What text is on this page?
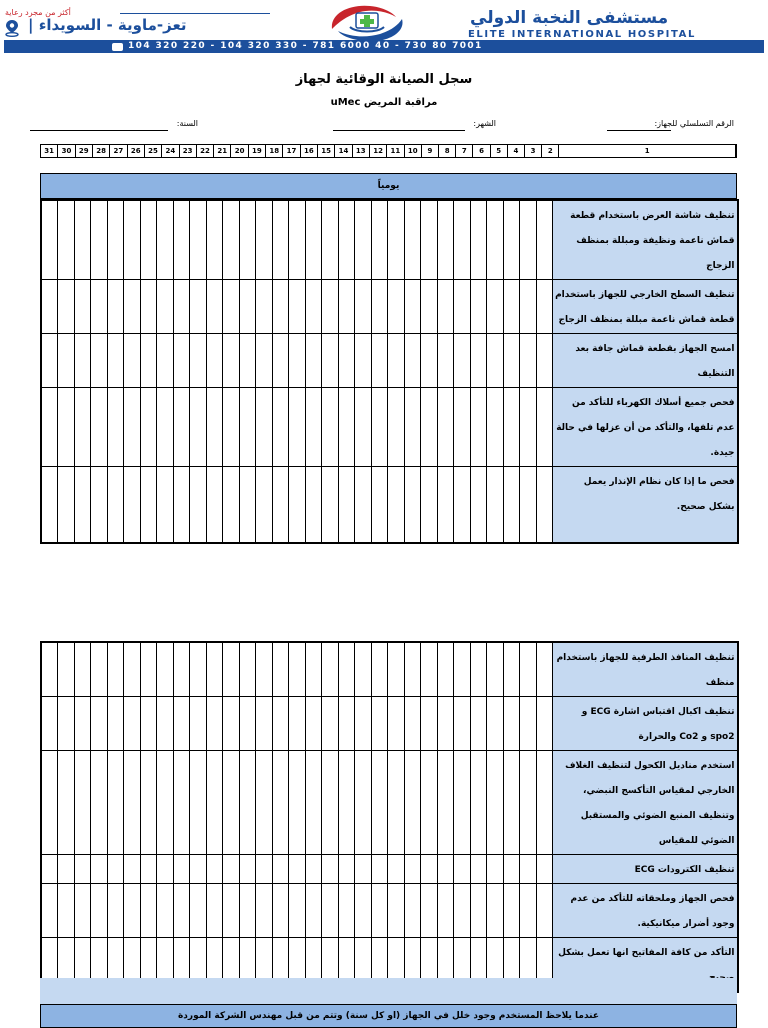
أكثر من مجرد رعاية
تعز-ماوية - السويداء |	مستشفى النخبة الدولي
ELITE INTERNATIONAL HOSPITAL
104 320 220 - 104 320 330 - 781 6000 40 - 730 80 7001
سجل الصيانة الوقائية لجهاز
مراقبة المريض uMec
الرقم التسلسلي للجهاز:
الشهر:
السنة:
31	30	29	28	27	26	25	24	23	22	21	20	19	18	17	16	15	14	13	12	11	10	9	8	7	6	5	4	3	2	1
يومياً
																															تنظيف شاشة العرض باستخدام قطعة قماش ناعمة ونظيفة ومبللة بمنظف الزجاج
																															تنظيف السطح الخارجي للجهاز باستخدام قطعة قماش ناعمة مبللة بمنظف الزجاج
																															امسح الجهاز بقطعة قماش جافة بعد التنظيف
																															فحص جميع أسلاك الكهرباء للتأكد من عدم تلفها، والتأكد من أن عزلها في حالة جيدة.
																															فحص ما إذا كان نظام الإنذار يعمل بشكل صحيح.
																															تنظيف المنافذ الطرفية للجهاز باستخدام منظف
																															تنظيف اكبال اقتباس اشارة ECG و spo2 و Co2 والحرارة
																															استخدم مناديل الكحول لتنظيف الغلاف الخارجي لمقياس التأكسج النبضي، وتنظيف المنبع الضوئي والمستقبل الضوئي للمقياس
																															تنظيف الكترودات ECG
																															فحص الجهاز وملحقاته للتأكد من عدم وجود أضرار ميكانيكية.
																															التأكد من كافة المفاتيح انها تعمل بشكل
عندما يلاحظ المستخدم وجود خلل في الجهاز (او كل سنة) وتتم من قبل مهندس الشركة الموردة
